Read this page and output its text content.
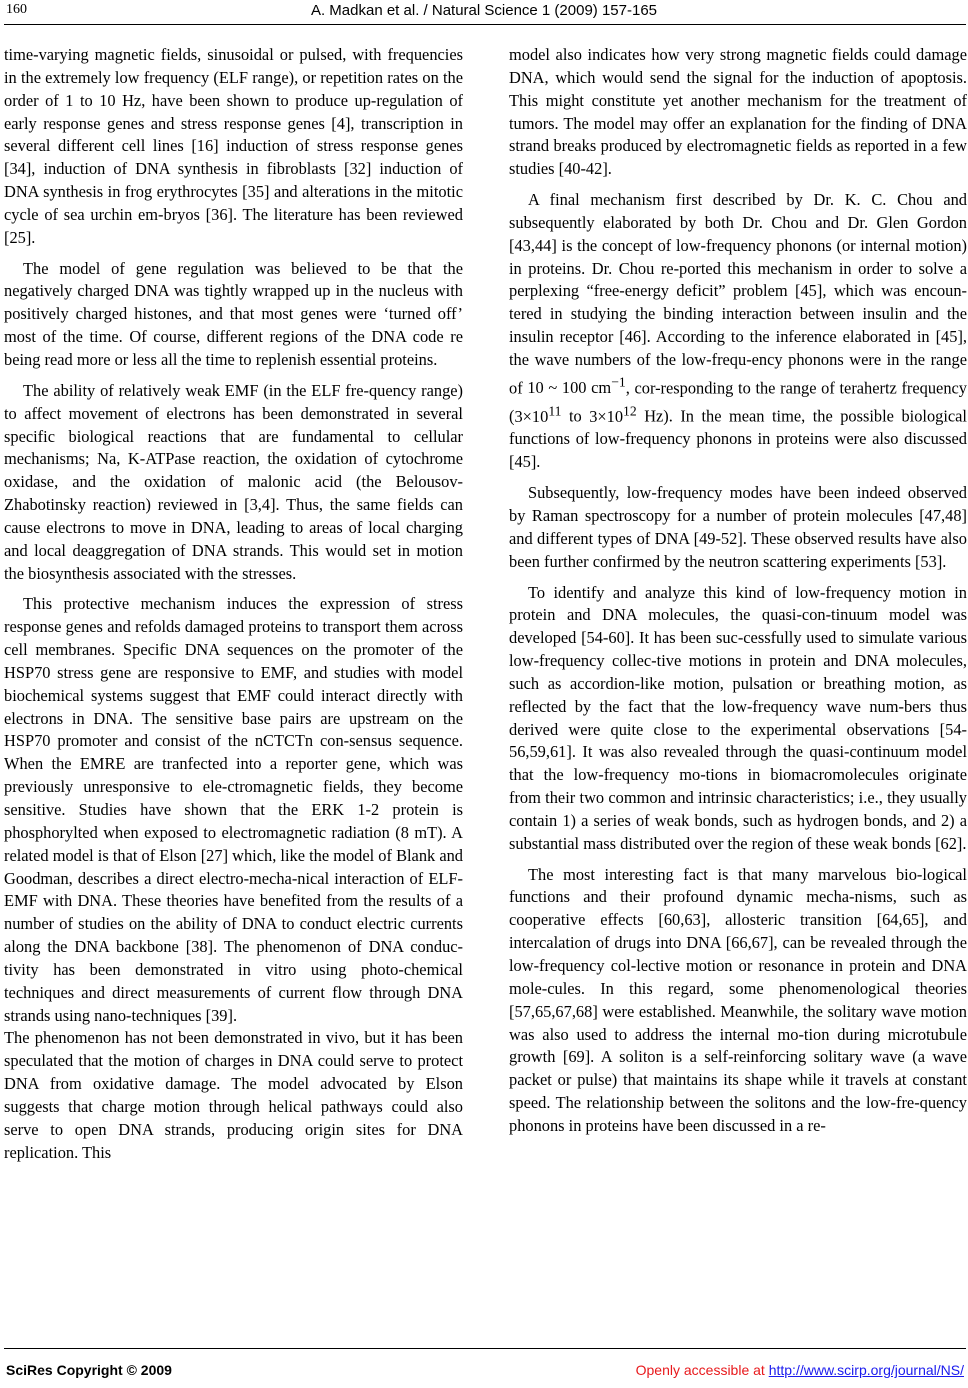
160	A. Madkan et al. / Natural Science 1 (2009) 157-165

time-varying magnetic fields, sinusoidal or pulsed, with frequencies in the extremely low frequency (ELF range), or repetition rates on the order of 1 to 10 Hz, have been shown to produce up-regulation of early response genes and stress response genes [4], transcription in several different cell lines [16] induction of stress response genes [34], induction of DNA synthesis in fibroblasts [32] induction of DNA synthesis in frog erythrocytes [35] and alterations in the mitotic cycle of sea urchin em-bryos [36]. The literature has been reviewed [25].

The model of gene regulation was believed to be that the negatively charged DNA was tightly wrapped up in the nucleus with positively charged histones, and that most genes were ‘turned off’ most of the time. Of course, different regions of the DNA code re being read more or less all the time to replenish essential proteins.

The ability of relatively weak EMF (in the ELF fre-quency range) to affect movement of electrons has been demonstrated in several specific biological reactions that are fundamental to cellular mechanisms; Na, K-ATPase reaction, the oxidation of cytochrome oxidase, and the oxidation of malonic acid (the Belousov-Zhabotinsky reaction) reviewed in [3,4]. Thus, the same fields can cause electrons to move in DNA, leading to areas of local charging and local deaggregation of DNA strands. This would set in motion the biosynthesis associated with the stresses.

This protective mechanism induces the expression of stress response genes and refolds damaged proteins to transport them across cell membranes. Specific DNA sequences on the promoter of the HSP70 stress gene are responsive to EMF, and studies with model biochemical systems suggest that EMF could interact directly with electrons in DNA. The sensitive base pairs are upstream on the HSP70 promoter and consist of the nCTCTn con-sensus sequence. When the EMRE are tranfected into a reporter gene, which was previously unresponsive to ele-ctromagnetic fields, they become sensitive. Studies have shown that the ERK 1-2 protein is phosphorylted when exposed to electromagnetic radiation (8 mT). A related model is that of Elson [27] which, like the model of Blank and Goodman, describes a direct electro-mecha-nical interaction of ELF-EMF with DNA. These theories have benefited from the results of a number of studies on the ability of DNA to conduct electric currents along the DNA backbone [38]. The phenomenon of DNA conduc-tivity has been demonstrated in vitro using photo-chemical techniques and direct measurements of current flow through DNA strands using nano-techniques [39].

The phenomenon has not been demonstrated in vivo, but it has been speculated that the motion of charges in DNA could serve to protect DNA from oxidative damage. The model advocated by Elson suggests that charge motion through helical pathways could also serve to open DNA strands, producing origin sites for DNA replication. This

model also indicates how very strong magnetic fields could damage DNA, which would send the signal for the induction of apoptosis. This might constitute yet another mechanism for the treatment of tumors. The model may offer an explanation for the finding of DNA strand breaks produced by electromagnetic fields as reported in a few studies [40-42].

A final mechanism first described by Dr. K. C. Chou and subsequently elaborated by both Dr. Chou and Dr. Glen Gordon [43,44] is the concept of low-frequency phonons (or internal motion) in proteins. Dr. Chou re-ported this mechanism in order to solve a perplexing “free-energy deficit” problem [45], which was encoun-tered in studying the binding interaction between insulin and the insulin receptor [46]. According to the inference elaborated in [45], the wave numbers of the low-frequ-ency phonons were in the range of 10 ~ 100 $cm^{-1}$, cor-responding to the range of terahertz frequency ($3\times 10^{11}$ to $3\times 10^{12}$ Hz). In the mean time, the possible biological functions of low-frequency phonons in proteins were also discussed [45].

Subsequently, low-frequency modes have been indeed observed by Raman spectroscopy for a number of protein molecules [47,48] and different types of DNA [49-52]. These observed results have also been further confirmed by the neutron scattering experiments [53].

To identify and analyze this kind of low-frequency motion in protein and DNA molecules, the quasi-con-tinuum model was developed [54-60]. It has been suc-cessfully used to simulate various low-frequency collec-tive motions in protein and DNA molecules, such as accordion-like motion, pulsation or breathing motion, as reflected by the fact that the low-frequency wave num-bers thus derived were quite close to the experimental observations [54-56,59,61]. It was also revealed through the quasi-continuum model that the low-frequency mo-tions in biomacromolecules originate from their two common and intrinsic characteristics; i.e., they usually contain 1) a series of weak bonds, such as hydrogen bonds, and 2) a substantial mass distributed over the region of these weak bonds [62].

The most interesting fact is that many marvelous bio-logical functions and their profound dynamic mecha-nisms, such as cooperative effects [60,63], allosteric transition [64,65], and intercalation of drugs into DNA [66,67], can be revealed through the low-frequency col-lective motion or resonance in protein and DNA mole-cules. In this regard, some phenomenological theories [57,65,67,68] were established. Meanwhile, the solitary wave motion was also used to address the internal mo-tion during microtubule growth [69]. A soliton is a self-reinforcing solitary wave (a wave packet or pulse) that maintains its shape while it travels at constant speed. The relationship between the solitons and the low-fre-quency phonons in proteins have been discussed in a re-

SciRes Copyright © 2009	Openly accessible at http://www.scirp.org/journal/NS/
